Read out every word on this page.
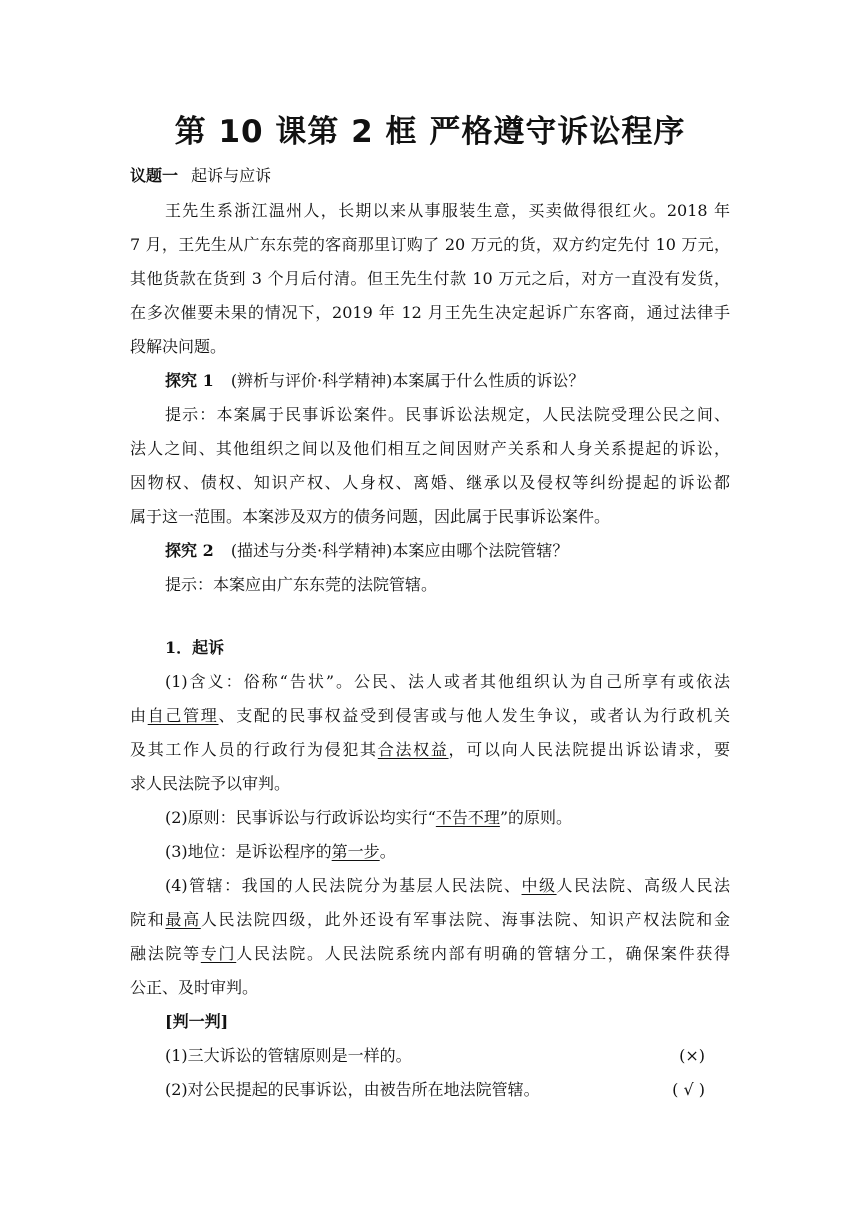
第 10 课第 2 框 严格遵守诉讼程序
议题一 起诉与应诉
王先生系浙江温州人，长期以来从事服装生意，买卖做得很红火。2018 年
7 月，王先生从广东东莞的客商那里订购了 20 万元的货，双方约定先付 10 万元，
其他货款在货到 3 个月后付清。但王先生付款 10 万元之后，对方一直没有发货，
在多次催要未果的情况下，2019 年 12 月王先生决定起诉广东客商，通过法律手
段解决问题。
探究 1 (辨析与评价·科学精神)本案属于什么性质的诉讼？
提示：本案属于民事诉讼案件。民事诉讼法规定，人民法院受理公民之间、
法人之间、其他组织之间以及他们相互之间因财产关系和人身关系提起的诉讼，
因物权、债权、知识产权、人身权、离婚、继承以及侵权等纠纷提起的诉讼都
属于这一范围。本案涉及双方的债务问题，因此属于民事诉讼案件。
探究 2 (描述与分类·科学精神)本案应由哪个法院管辖？
提示：本案应由广东东莞的法院管辖。
1．起诉
(1)含义：俗称“告状”。公民、法人或者其他组织认为自己所享有或依法
由自己管理、支配的民事权益受到侵害或与他人发生争议，或者认为行政机关
及其工作人员的行政行为侵犯其合法权益，可以向人民法院提出诉讼请求，要
求人民法院予以审判。
(2)原则：民事诉讼与行政诉讼均实行“不告不理”的原则。
(3)地位：是诉讼程序的第一步。
(4)管辖：我国的人民法院分为基层人民法院、中级人民法院、高级人民法
院和最高人民法院四级，此外还设有军事法院、海事法院、知识产权法院和金
融法院等专门人民法院。人民法院系统内部有明确的管辖分工，确保案件获得
公正、及时审判。
[判一判]
(1)三大诉讼的管辖原则是一样的。	(×)
(2)对公民提起的民事诉讼，由被告所在地法院管辖。	( √ )
